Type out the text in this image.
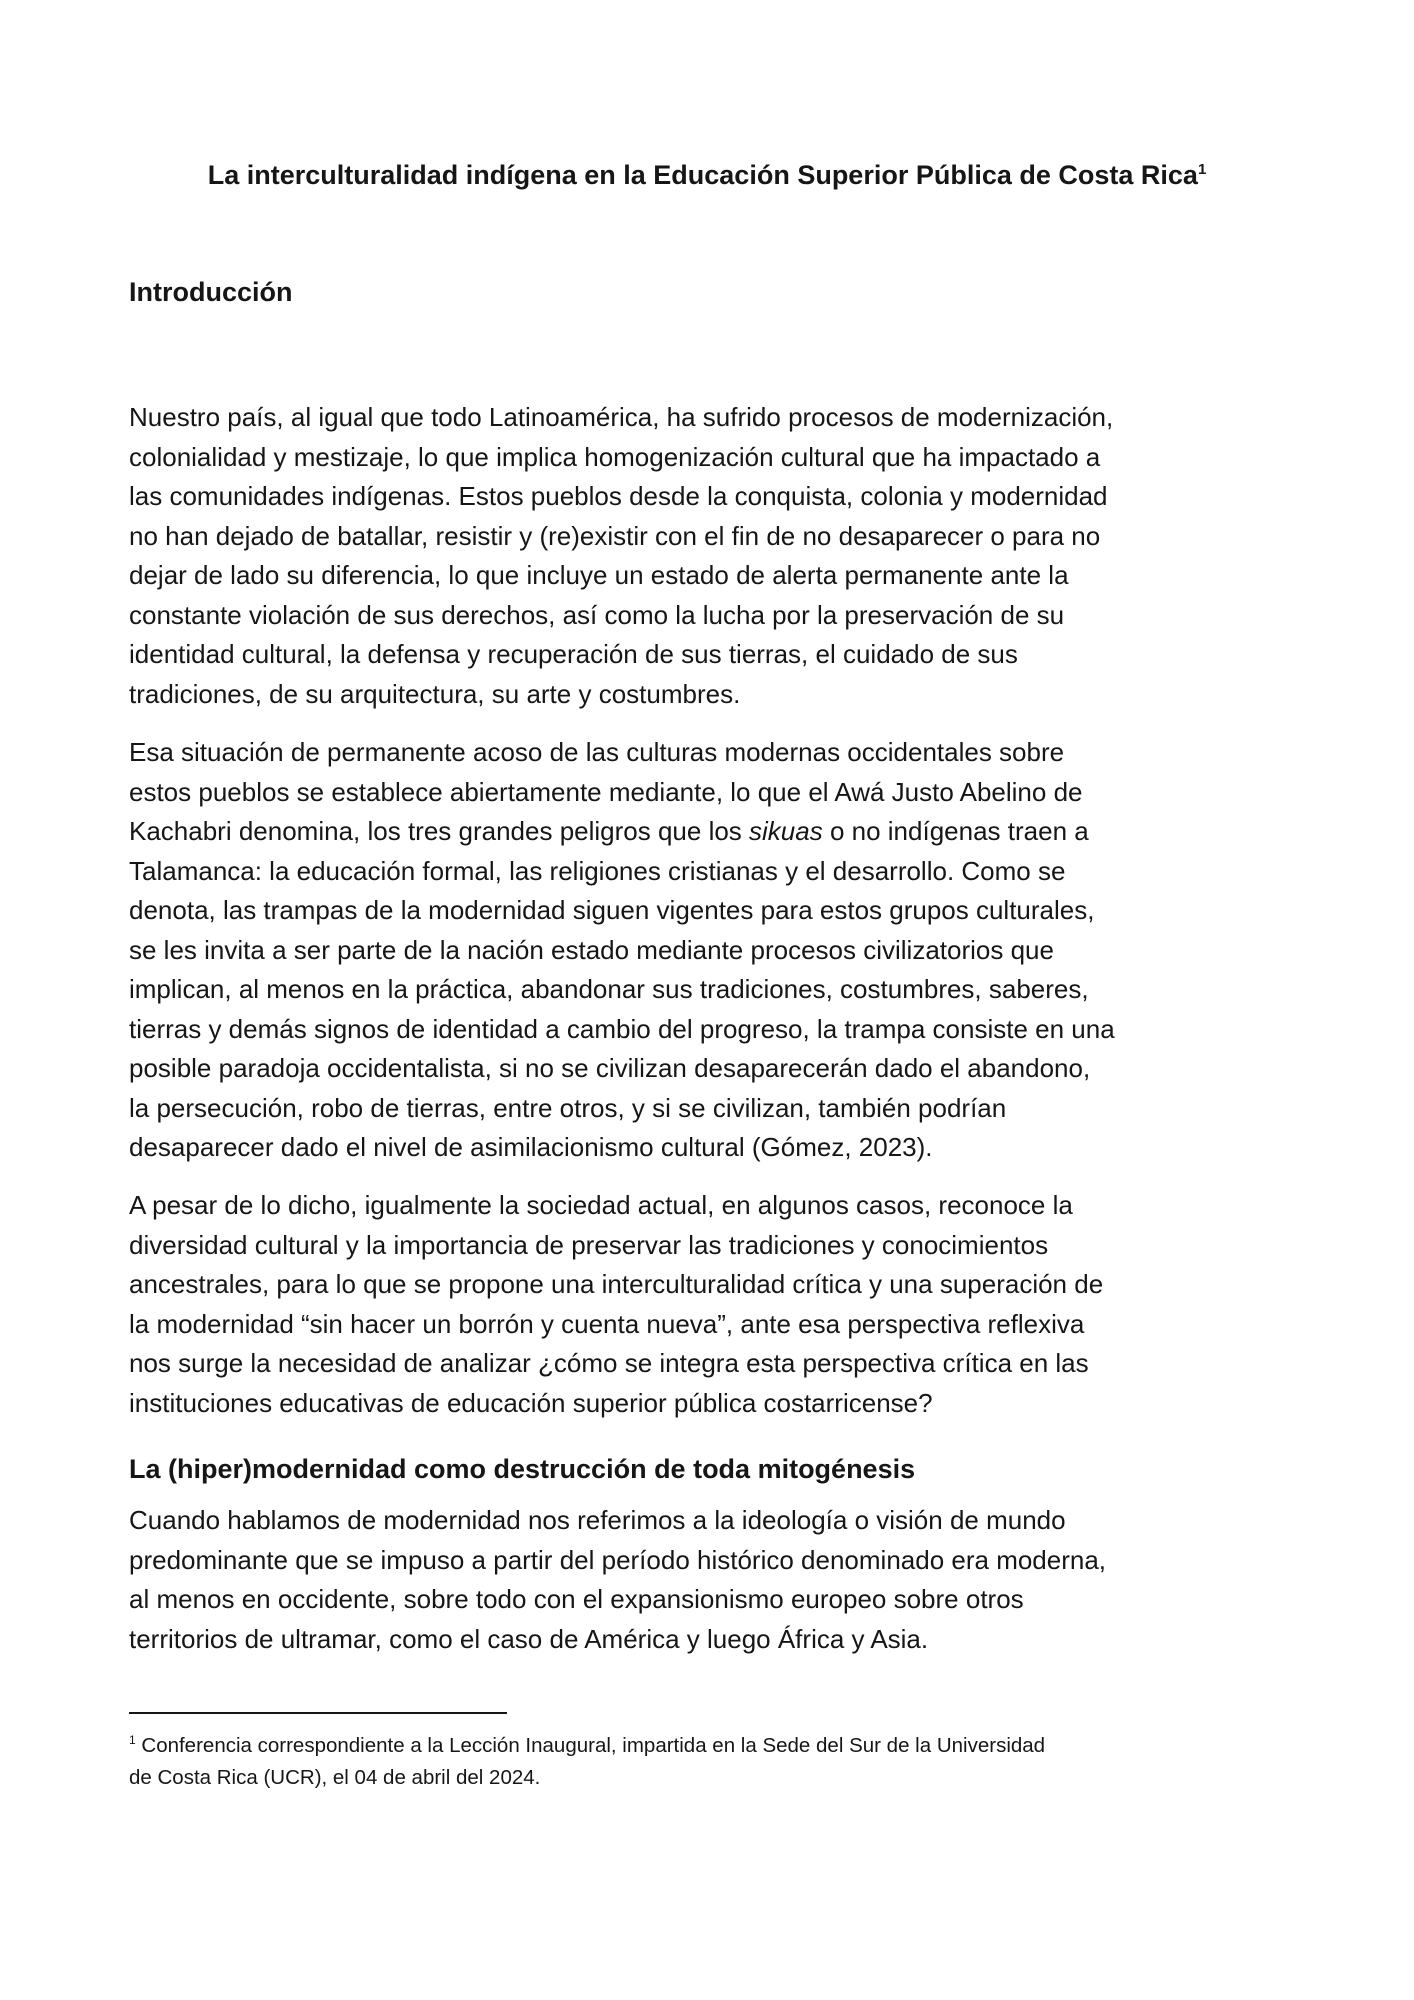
La interculturalidad indígena en la Educación Superior Pública de Costa Rica$^1$
Introducción

Nuestro país, al igual que todo Latinoamérica, ha sufrido procesos de modernización,
colonialidad y mestizaje, lo que implica homogenización cultural que ha impactado a
las comunidades indígenas. Estos pueblos desde la conquista, colonia y modernidad
no han dejado de batallar, resistir y (re)existir con el fin de no desaparecer o para no
dejar de lado su diferencia, lo que incluye un estado de alerta permanente ante la
constante violación de sus derechos, así como la lucha por la preservación de su
identidad cultural, la defensa y recuperación de sus tierras, el cuidado de sus
tradiciones, de su arquitectura, su arte y costumbres.

Esa situación de permanente acoso de las culturas modernas occidentales sobre
estos pueblos se establece abiertamente mediante, lo que el Awá Justo Abelino de
Kachabri denomina, los tres grandes peligros que los sikuas o no indígenas traen a
Talamanca: la educación formal, las religiones cristianas y el desarrollo. Como se
denota, las trampas de la modernidad siguen vigentes para estos grupos culturales,
se les invita a ser parte de la nación estado mediante procesos civilizatorios que
implican, al menos en la práctica, abandonar sus tradiciones, costumbres, saberes,
tierras y demás signos de identidad a cambio del progreso, la trampa consiste en una
posible paradoja occidentalista, si no se civilizan desaparecerán dado el abandono,
la persecución, robo de tierras, entre otros, y si se civilizan, también podrían
desaparecer dado el nivel de asimilacionismo cultural (Gómez, 2023).

A pesar de lo dicho, igualmente la sociedad actual, en algunos casos, reconoce la
diversidad cultural y la importancia de preservar las tradiciones y conocimientos
ancestrales, para lo que se propone una interculturalidad crítica y una superación de
la modernidad “sin hacer un borrón y cuenta nueva”, ante esa perspectiva reflexiva
nos surge la necesidad de analizar ¿cómo se integra esta perspectiva crítica en las
instituciones educativas de educación superior pública costarricense?

La (hiper)modernidad como destrucción de toda mitogénesis

Cuando hablamos de modernidad nos referimos a la ideología o visión de mundo
predominante que se impuso a partir del período histórico denominado era moderna,
al menos en occidente, sobre todo con el expansionismo europeo sobre otros
territorios de ultramar, como el caso de América y luego África y Asia.

$^1$ Conferencia correspondiente a la Lección Inaugural, impartida en la Sede del Sur de la Universidad
de Costa Rica (UCR), el 04 de abril del 2024.
